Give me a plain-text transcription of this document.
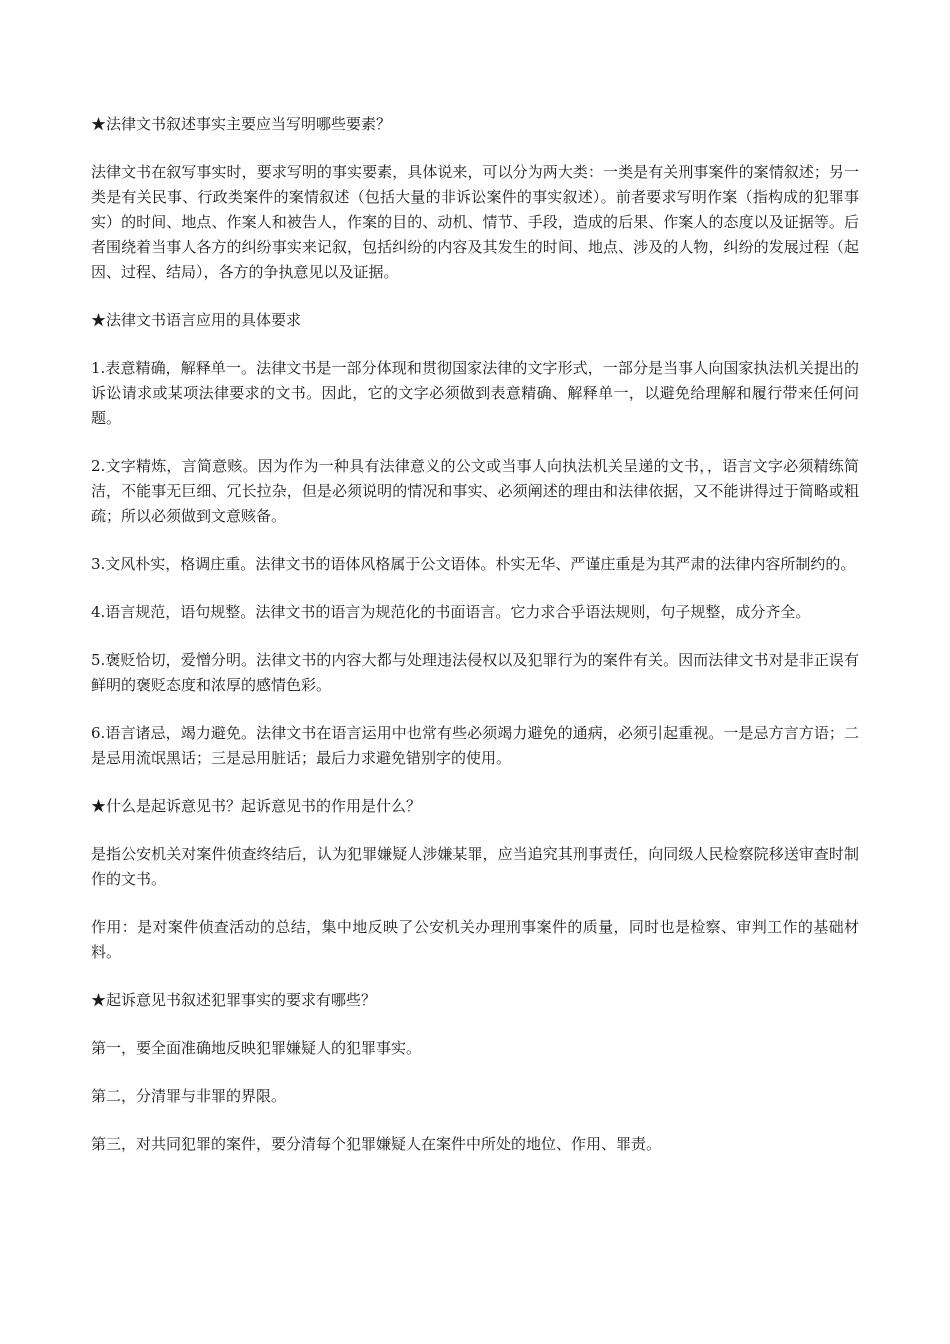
★法律文书叙述事实主要应当写明哪些要素？

法律文书在叙写事实时，要求写明的事实要素，具体说来，可以分为两大类：一类是有关刑事案件的案情叙述；另一类是有关民事、行政类案件的案情叙述（包括大量的非诉讼案件的事实叙述）。前者要求写明作案（指构成的犯罪事实）的时间、地点、作案人和被告人，作案的目的、动机、情节、手段，造成的后果、作案人的态度以及证据等。后者围绕着当事人各方的纠纷事实来记叙，包括纠纷的内容及其发生的时间、地点、涉及的人物，纠纷的发展过程（起因、过程、结局），各方的争执意见以及证据。

★法律文书语言应用的具体要求

1.表意精确，解释单一。法律文书是一部分体现和贯彻国家法律的文字形式，一部分是当事人向国家执法机关提出的诉讼请求或某项法律要求的文书。因此，它的文字必须做到表意精确、解释单一，以避免给理解和履行带来任何问题。

2.文字精炼，言简意赅。因为作为一种具有法律意义的公文或当事人向执法机关呈递的文书，，语言文字必须精练简洁，不能事无巨细、冗长拉杂，但是必须说明的情况和事实、必须阐述的理由和法律依据，又不能讲得过于简略或粗疏；所以必须做到文意赅备。

3.文风朴实，格调庄重。法律文书的语体风格属于公文语体。朴实无华、严谨庄重是为其严肃的法律内容所制约的。

4.语言规范，语句规整。法律文书的语言为规范化的书面语言。它力求合乎语法规则，句子规整，成分齐全。

5.褒贬恰切，爱憎分明。法律文书的内容大都与处理违法侵权以及犯罪行为的案件有关。因而法律文书对是非正误有鲜明的褒贬态度和浓厚的感情色彩。

6.语言诸忌，竭力避免。法律文书在语言运用中也常有些必须竭力避免的通病，必须引起重视。一是忌方言方语；二是忌用流氓黑话；三是忌用脏话；最后力求避免错别字的使用。

★什么是起诉意见书？起诉意见书的作用是什么？

是指公安机关对案件侦查终结后，认为犯罪嫌疑人涉嫌某罪，应当追究其刑事责任，向同级人民检察院移送审查时制作的文书。

作用：是对案件侦查活动的总结，集中地反映了公安机关办理刑事案件的质量，同时也是检察、审判工作的基础材料。

★起诉意见书叙述犯罪事实的要求有哪些？

第一，要全面准确地反映犯罪嫌疑人的犯罪事实。

第二，分清罪与非罪的界限。

第三，对共同犯罪的案件，要分清每个犯罪嫌疑人在案件中所处的地位、作用、罪责。
